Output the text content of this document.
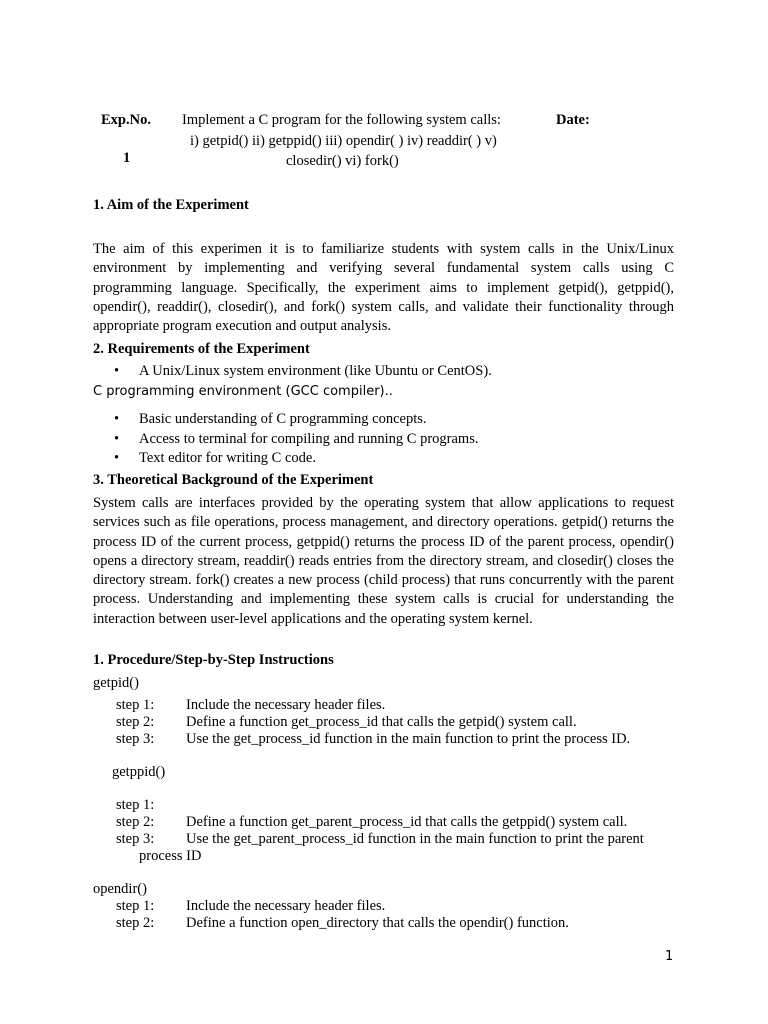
Exp.No.
1
Implement a C program for the following system calls:
i) getpid() ii) getppid() iii) opendir( ) iv) readdir( ) v)
closedir() vi) fork()
Date:
1. Aim of the Experiment
The aim of this experimen it is to familiarize students with system calls in the Unix/Linux environment by implementing and verifying several fundamental system calls using C programming language. Specifically, the experiment aims to implement getpid(), getppid(), opendir(), readdir(), closedir(), and fork() system calls, and validate their functionality through appropriate program execution and output analysis.
2. Requirements of the Experiment
• A Unix/Linux system environment (like Ubuntu or CentOS).
C programming environment (GCC compiler)..
• Basic understanding of C programming concepts.
• Access to terminal for compiling and running C programs.
• Text editor for writing C code.
3. Theoretical Background of the Experiment
System calls are interfaces provided by the operating system that allow applications to request services such as file operations, process management, and directory operations. getpid() returns the process ID of the current process, getppid() returns the process ID of the parent process, opendir() opens a directory stream, readdir() reads entries from the directory stream, and closedir() closes the directory stream. fork() creates a new process (child process) that runs concurrently with the parent process. Understanding and implementing these system calls is crucial for understanding the interaction between user-level applications and the operating system kernel.
1. Procedure/Step-by-Step Instructions
getpid()
step 1: Include the necessary header files.
step 2: Define a function get_process_id that calls the getpid() system call.
step 3: Use the get_process_id function in the main function to print the process ID.
getppid()
step 1:
step 2: Define a function get_parent_process_id that calls the getppid() system call.
step 3: Use the get_parent_process_id function in the main function to print the parent
process ID
opendir()
step 1: Include the necessary header files.
step 2: Define a function open_directory that calls the opendir() function.
1
